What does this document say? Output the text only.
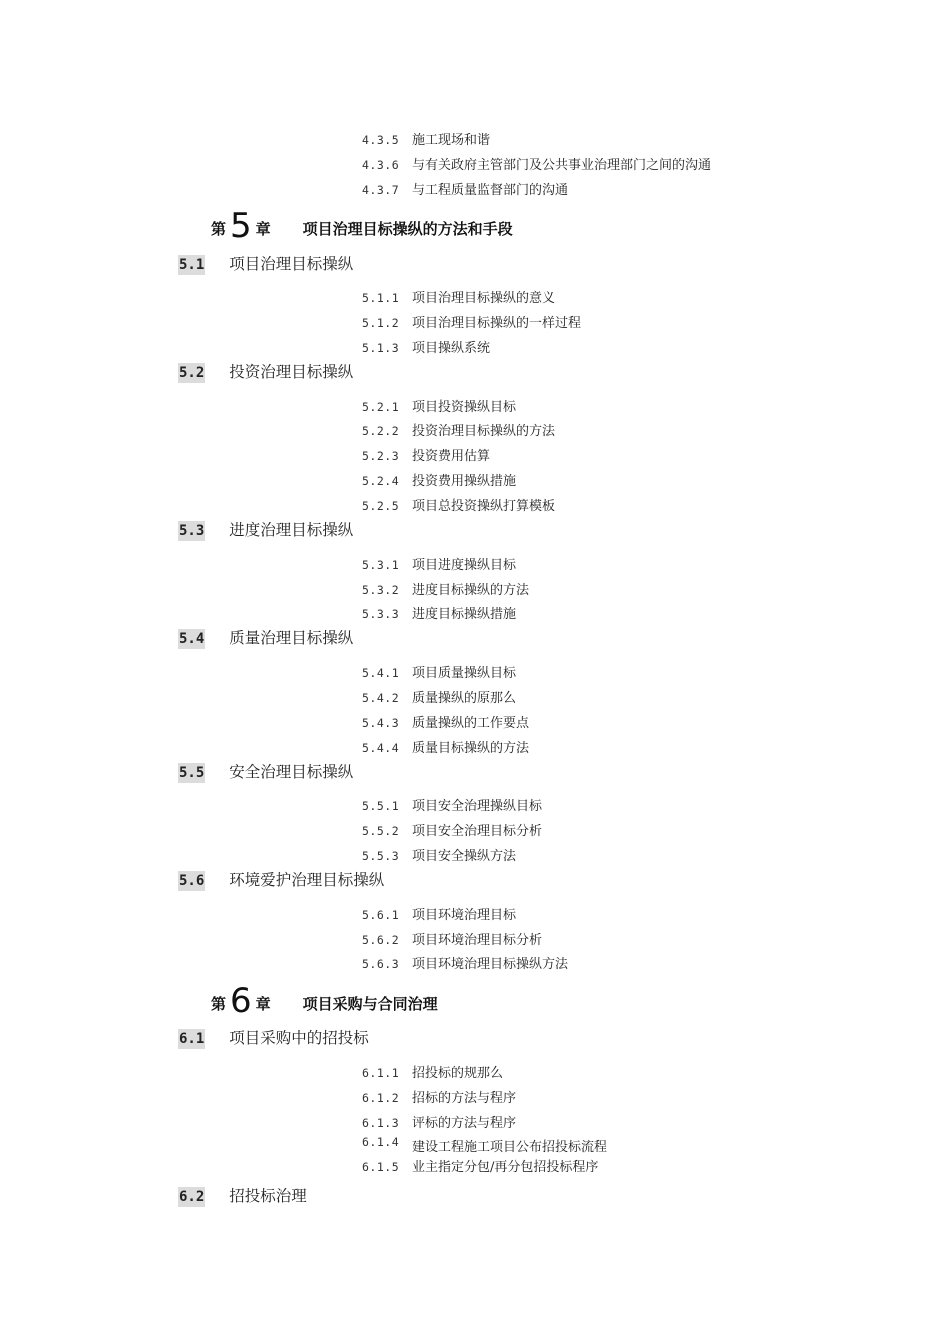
4.3.5 施工现场和谐
4.3.6 与有关政府主管部门及公共事业治理部门之间的沟通
4.3.7 与工程质量监督部门的沟通
第 5 章 项目治理目标操纵的方法和手段
5.1 项目治理目标操纵
5.1.1 项目治理目标操纵的意义
5.1.2 项目治理目标操纵的一样过程
5.1.3 项目操纵系统
5.2 投资治理目标操纵
5.2.1 项目投资操纵目标
5.2.2 投资治理目标操纵的方法
5.2.3 投资费用估算
5.2.4 投资费用操纵措施
5.2.5 项目总投资操纵打算模板
5.3 进度治理目标操纵
5.3.1 项目进度操纵目标
5.3.2 进度目标操纵的方法
5.3.3 进度目标操纵措施
5.4 质量治理目标操纵
5.4.1 项目质量操纵目标
5.4.2 质量操纵的原那么
5.4.3 质量操纵的工作要点
5.4.4 质量目标操纵的方法
5.5 安全治理目标操纵
5.5.1 项目安全治理操纵目标
5.5.2 项目安全治理目标分析
5.5.3 项目安全操纵方法
5.6 环境爱护治理目标操纵
5.6.1 项目环境治理目标
5.6.2 项目环境治理目标分析
5.6.3 项目环境治理目标操纵方法
第 6 章 项目采购与合同治理
6.1 项目采购中的招投标
6.1.1 招投标的规那么
6.1.2 招标的方法与程序
6.1.3 评标的方法与程序
6.1.4 建设工程施工项目公布招投标流程
6.1.5 业主指定分包/再分包招投标程序
6.2 招投标治理
